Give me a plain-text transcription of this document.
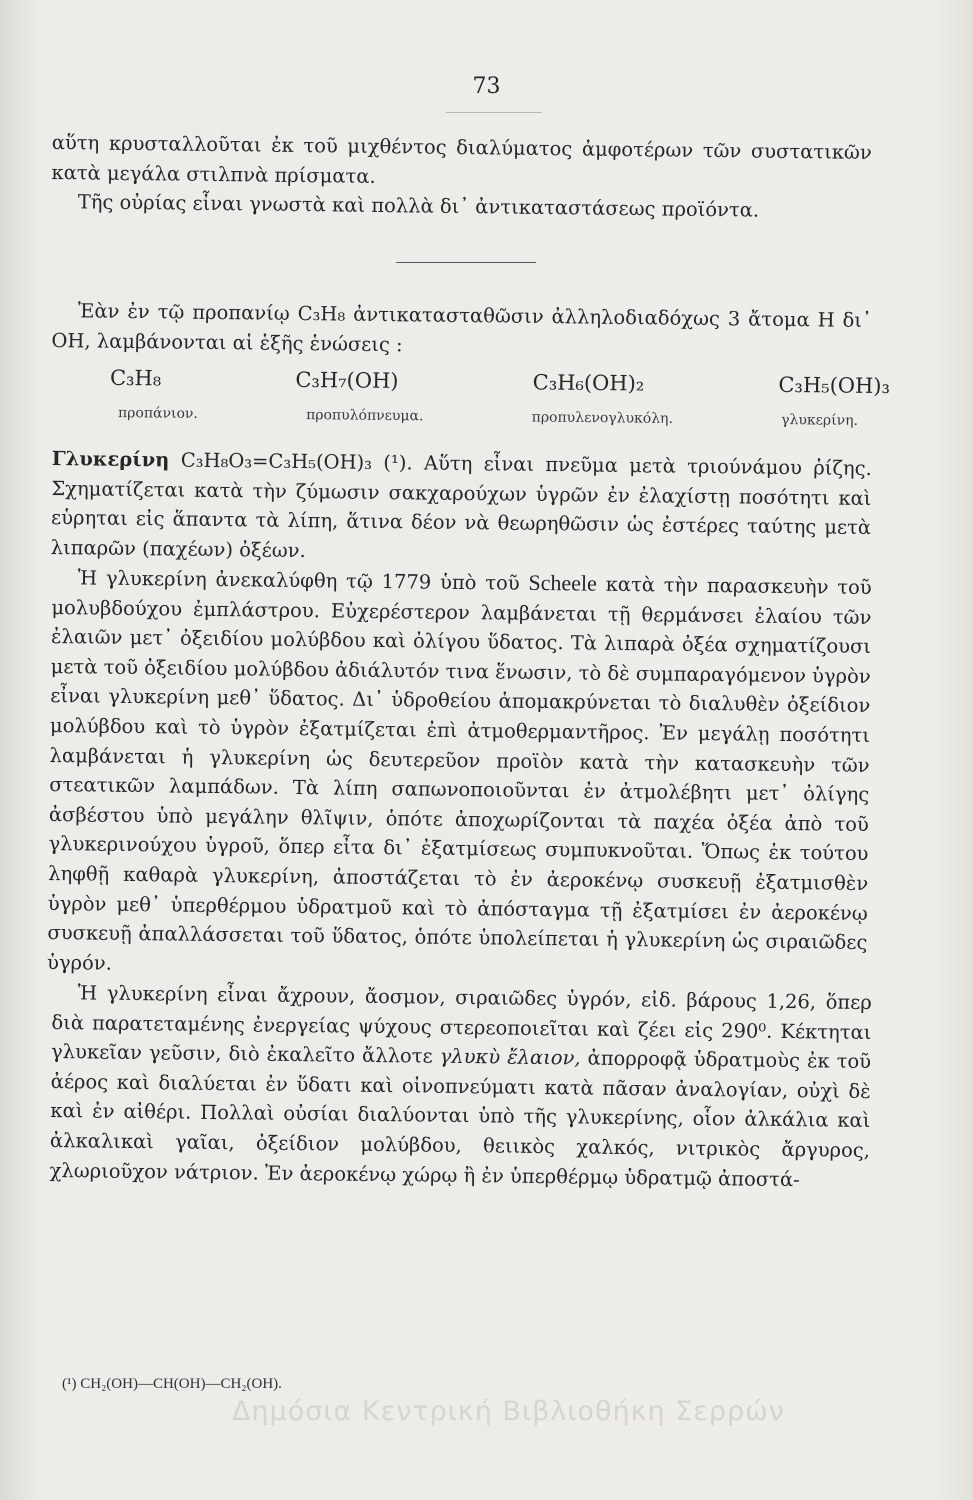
73

αὕτη κρυσταλλοῦται ἐκ τοῦ μιχθέντος διαλύματος ἀμφοτέρων τῶν συστατικῶν κατὰ μεγάλα στιλπνὰ πρίσματα.

Τῆς οὐρίας εἶναι γνωστὰ καὶ πολλὰ δι᾽ ἀντικαταστάσεως προϊόντα.

Ἐὰν ἐν τῷ προπανίῳ C₃H₈ ἀντικατασταθῶσιν ἀλληλοδιαδόχως 3 ἄτομα H δι᾽ OH, λαμβάνονται αἱ ἑξῆς ἑνώσεις :

C₃H₈	C₃H₇(OH)	C₃H₆(OH)₂	C₃H₅(OH)₃
προπάνιον.	προπυλόπνευμα.	προπυλενογλυκόλη.	γλυκερίνη.

Γλυκερίνη C₃H₈O₃=C₃H₅(OH)₃ (¹). Αὕτη εἶναι πνεῦμα μετὰ τριούνάμου ῥίζης. Σχηματίζεται κατὰ τὴν ζύμωσιν σακχαρούχων ὑγρῶν ἐν ἐλαχίστῃ ποσότητι καὶ εὑρηται εἰς ἅπαντα τὰ λίπη, ἅτινα δέον νὰ θεωρηθῶσιν ὡς ἐστέρες ταύτης μετὰ λιπαρῶν (παχέων) ὀξέων.

Ἡ γλυκερίνη ἀνεκαλύφθη τῷ 1779 ὑπὸ τοῦ Scheele κατὰ τὴν παρασκευὴν τοῦ μολυβδούχου ἐμπλάστρου. Εὐχερέστερον λαμβάνεται τῇ θερμάνσει ἐλαίου τῶν ἐλαιῶν μετ᾽ ὀξειδίου μολύβδου καὶ ὀλίγου ὕδατος. Τὰ λιπαρὰ ὀξέα σχηματίζουσι μετὰ τοῦ ὀξειδίου μολύβδου ἀδιάλυτόν τινα ἕνωσιν, τὸ δὲ συμπαραγόμενον ὑγρὸν εἶναι γλυκερίνη μεθ᾽ ὕδατος. Δι᾽ ὑδροθείου ἀπομακρύνεται τὸ διαλυθὲν ὀξείδιον μολύβδου καὶ τὸ ὑγρὸν ἐξατμίζεται ἐπὶ ἀτμοθερμαντῆρος. Ἐν μεγάλῃ ποσότητι λαμβάνεται ἡ γλυκερίνη ὡς δευτερεῦον προϊὸν κατὰ τὴν κατασκευὴν τῶν στεατικῶν λαμπάδων. Τὰ λίπη σαπωνοποιοῦνται ἐν ἀτμολέβητι μετ᾽ ὀλίγης ἀσβέστου ὑπὸ μεγάλην θλῖψιν, ὁπότε ἀποχωρίζονται τὰ παχέα ὀξέα ἀπὸ τοῦ γλυκερινούχου ὑγροῦ, ὅπερ εἶτα δι᾽ ἐξατμίσεως συμπυκνοῦται. Ὅπως ἐκ τούτου ληφθῇ καθαρὰ γλυκερίνη, ἀποστάζεται τὸ ἐν ἀεροκένῳ συσκευῇ ἐξατμισθὲν ὑγρὸν μεθ᾽ ὑπερθέρμου ὑδρατμοῦ καὶ τὸ ἀπόσταγμα τῇ ἐξατμίσει ἐν ἀεροκένῳ συσκευῇ ἀπαλλάσσεται τοῦ ὕδατος, ὁπότε ὑπολείπεται ἡ γλυκερίνη ὡς σιραιῶδες ὑγρόν.

Ἡ γλυκερίνη εἶναι ἄχρουν, ἄοσμον, σιραιῶδες ὑγρόν, εἰδ. βάρους 1,26, ὅπερ διὰ παρατεταμένης ἐνεργείας ψύχους στερεοποιεῖται καὶ ζέει εἰς 290⁰. Κέκτηται γλυκεῖαν γεῦσιν, διὸ ἐκαλεῖτο ἄλλοτε γλυκὺ ἔλαιον, ἀπορροφᾷ ὑδρατμοὺς ἐκ τοῦ ἀέρος καὶ διαλύεται ἐν ὕδατι καὶ οἰνοπνεύματι κατὰ πᾶσαν ἀναλογίαν, οὐχὶ δὲ καὶ ἐν αἰθέρι. Πολλαὶ οὐσίαι διαλύονται ὑπὸ τῆς γλυκερίνης, οἷον ἀλκάλια καὶ ἀλκαλικαὶ γαῖαι, ὀξείδιον μολύβδου, θειικὸς χαλκός, νιτρικὸς ἄργυρος, χλωριοῦχον νάτριον. Ἐν ἀεροκένῳ χώρῳ ἢ ἐν ὑπερθέρμῳ ὑδρατμῷ ἀποστά-

(¹) CH₂(OH)—CH(OH)—CH₂(OH).
Δημόσια Κεντρική Βιβλιοθήκη Σερρών
